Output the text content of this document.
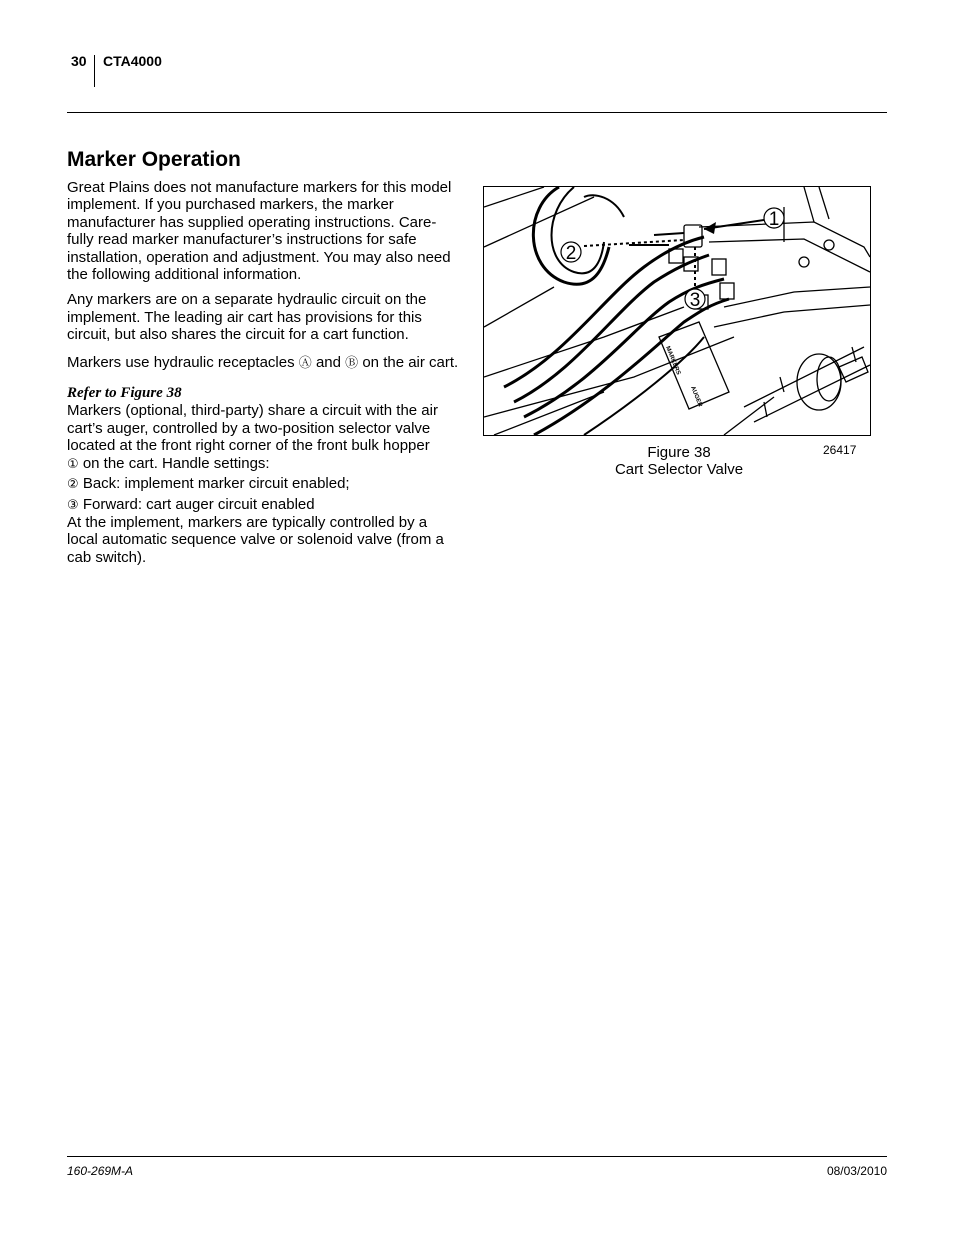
30 CTA4000
Marker Operation

Great Plains does not manufacture markers for this model implement. If you purchased markers, the marker manufacturer has supplied operating instructions. Care-fully read marker manufacturer’s instructions for safe installation, operation and adjustment. You may also need the following additional information.

Any markers are on a separate hydraulic circuit on the implement. The leading air cart has provisions for this circuit, but also shares the circuit for a cart function.

Markers use hydraulic receptacles Ⓐ and Ⓑ on the air cart.

Refer to Figure 38

Markers (optional, third-party) share a circuit with the air cart’s auger, controlled by a two-position selector valve located at the front right corner of the front bulk hopper

① on the cart. Handle settings:

② Back: implement marker circuit enabled;

③ Forward: cart auger circuit enabled

At the implement, markers are typically controlled by a local automatic sequence valve or solenoid valve (from a cab switch).

MARKERS
AUGER
1
2
3
Figure 38
Cart Selector Valve
26417
160-269M-A	08/03/2010
